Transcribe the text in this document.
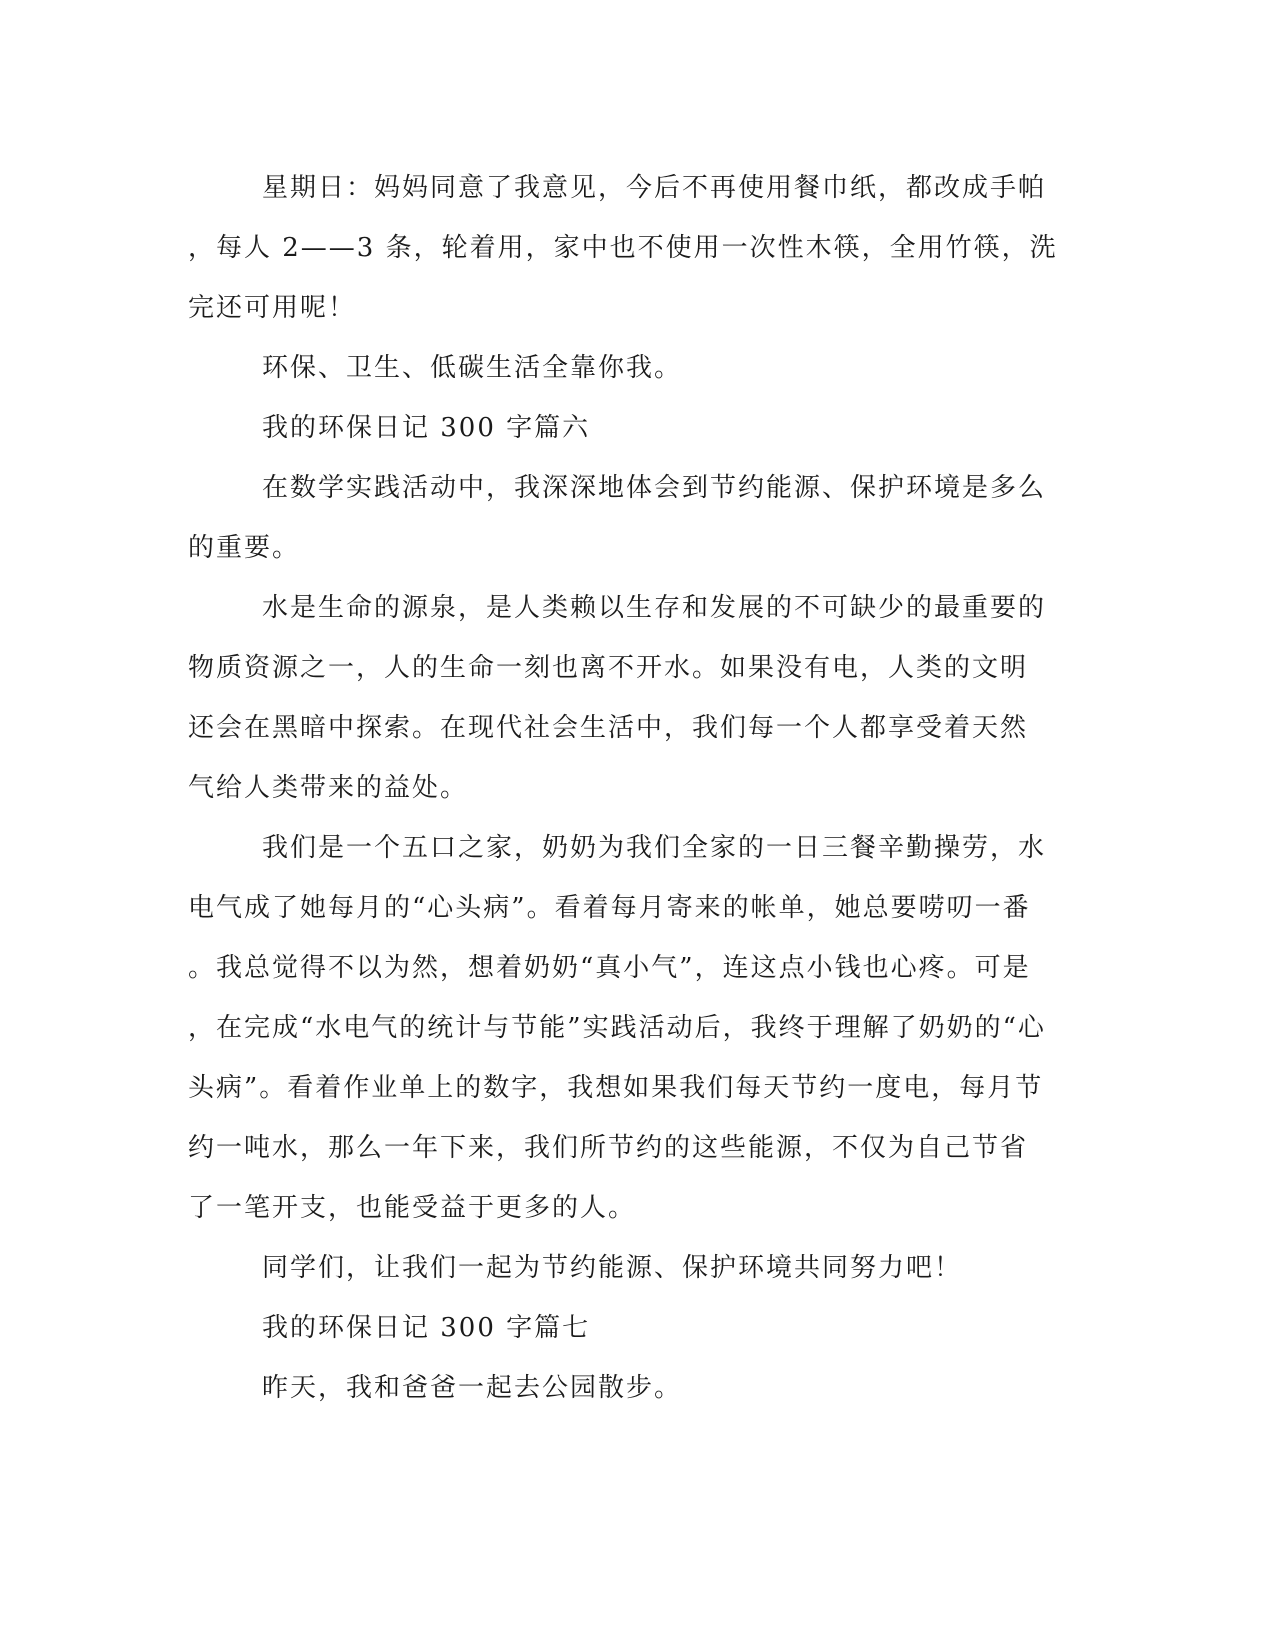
星期日：妈妈同意了我意见，今后不再使用餐巾纸，都改成手帕
，每人 2——3 条，轮着用，家中也不使用一次性木筷，全用竹筷，洗
完还可用呢！
环保、卫生、低碳生活全靠你我。
我的环保日记 300 字篇六
在数学实践活动中，我深深地体会到节约能源、保护环境是多么
的重要。
水是生命的源泉，是人类赖以生存和发展的不可缺少的最重要的
物质资源之一，人的生命一刻也离不开水。如果没有电，人类的文明
还会在黑暗中探索。在现代社会生活中，我们每一个人都享受着天然
气给人类带来的益处。
我们是一个五口之家，奶奶为我们全家的一日三餐辛勤操劳，水
电气成了她每月的“心头病”。看着每月寄来的帐单，她总要唠叨一番
。我总觉得不以为然，想着奶奶“真小气”，连这点小钱也心疼。可是
，在完成“水电气的统计与节能”实践活动后，我终于理解了奶奶的“心
头病”。看着作业单上的数字，我想如果我们每天节约一度电，每月节
约一吨水，那么一年下来，我们所节约的这些能源，不仅为自己节省
了一笔开支，也能受益于更多的人。
同学们，让我们一起为节约能源、保护环境共同努力吧！
我的环保日记 300 字篇七
昨天，我和爸爸一起去公园散步。
